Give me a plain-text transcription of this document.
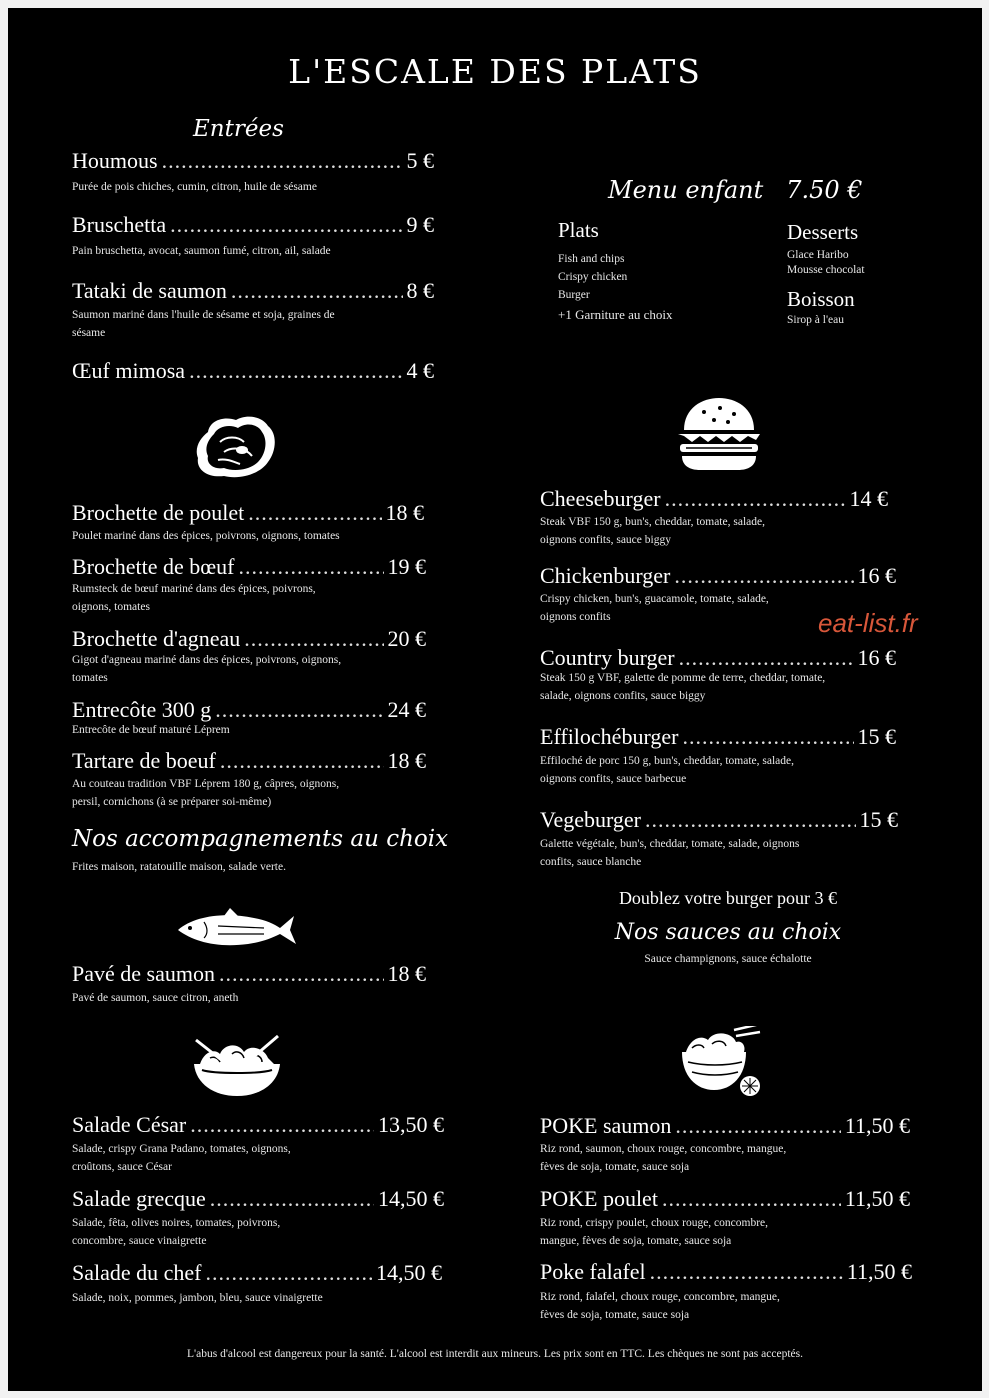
L'ESCALE DES PLATS
Entrées
Houmous .....	5 €
Purée de pois chiches, cumin, citron, huile de sésame
Bruschetta .....	9 €
Pain bruschetta, avocat, saumon fumé, citron, ail, salade
Tataki de saumon .....	8 €
Saumon mariné dans l'huile de sésame et soja, graines de
sésame
Œuf mimosa .....	4 €
Menu enfant 7.50 €
Plats
Fish and chips
Crispy chicken
Burger
+1 Garniture au choix
Desserts
Glace Haribo
Mousse chocolat
Boisson
Sirop à l'eau
Brochette de poulet .....	18 €
Poulet mariné dans des épices, poivrons, oignons, tomates
Brochette de bœuf .....	19 €
Rumsteck de bœuf mariné dans des épices, poivrons,
oignons, tomates
Brochette d'agneau .....	20 €
Gigot d'agneau mariné dans des épices, poivrons, oignons,
tomates
Entrecôte 300 g .....	24 €
Entrecôte de bœuf maturé Léprem
Tartare de boeuf .....	18 €
Au couteau tradition VBF Léprem 180 g, câpres, oignons,
persil, cornichons (à se préparer soi-même)
Nos accompagnements au choix
Frites maison, ratatouille maison, salade verte.
Pavé de saumon .....	18 €
Pavé de saumon, sauce citron, aneth
Salade César .....	13,50 €
Salade, crispy Grana Padano, tomates, oignons,
croûtons, sauce César
Salade grecque .....	14,50 €
Salade, fêta, olives noires, tomates, poivrons,
concombre, sauce vinaigrette
Salade du chef .....	14,50 €
Salade, noix, pommes, jambon, bleu, sauce vinaigrette
Cheeseburger .....	14 €
Steak VBF 150 g, bun's, cheddar, tomate, salade,
oignons confits, sauce biggy
Chickenburger .....	16 €
Crispy chicken, bun's, guacamole, tomate, salade,
oignons confits
Country burger .....	16 €
Steak 150 g VBF, galette de pomme de terre, cheddar, tomate,
salade, oignons confits, sauce biggy
Effilochéburger .....	15 €
Effiloché de porc 150 g, bun's, cheddar, tomate, salade,
oignons confits, sauce barbecue
Vegeburger .....	15 €
Galette végétale, bun's, cheddar, tomate, salade, oignons
confits, sauce blanche
Doublez votre burger pour 3 €
Nos sauces au choix
Sauce champignons, sauce échalotte
POKE saumon .....	11,50 €
Riz rond, saumon, choux rouge, concombre, mangue,
fèves de soja, tomate, sauce soja
POKE poulet .....	11,50 €
Riz rond, crispy poulet, choux rouge, concombre,
mangue, fèves de soja, tomate, sauce soja
Poke falafel .....	11,50 €
Riz rond, falafel, choux rouge, concombre, mangue,
fèves de soja, tomate, sauce soja
eat-list.fr
L'abus d'alcool est dangereux pour la santé. L'alcool est interdit aux mineurs. Les prix sont en TTC. Les chèques ne sont pas acceptés.
